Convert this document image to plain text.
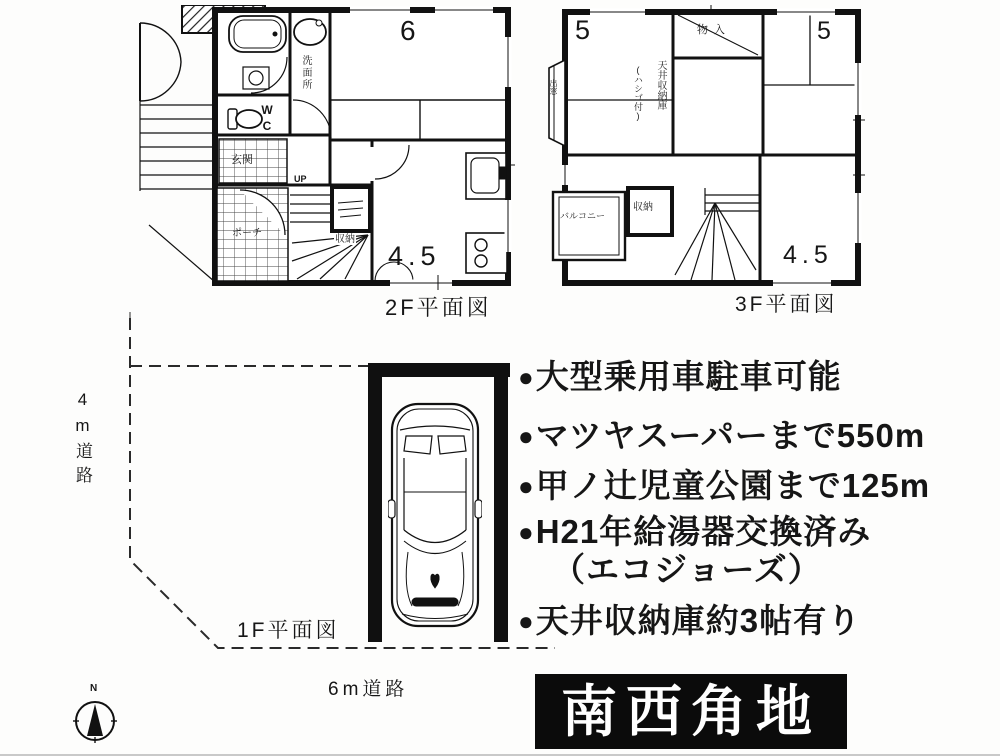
6
4.5
WC
玄関
ポーチ
洗面所
UP
収納
2F平面図
5	5
4.5
物入
収納
バルコニー
出窓	天井収納庫
(ハシゴ付)
3F平面図
1F平面図
4m道路
6m道路
N
● 大型乗用車駐車可能
● マツヤスーパーまで550m
● 甲ノ辻児童公園まで125m
● H21年給湯器交換済み
（エコジョーズ）
● 天井収納庫約3帖有り
南西角地
